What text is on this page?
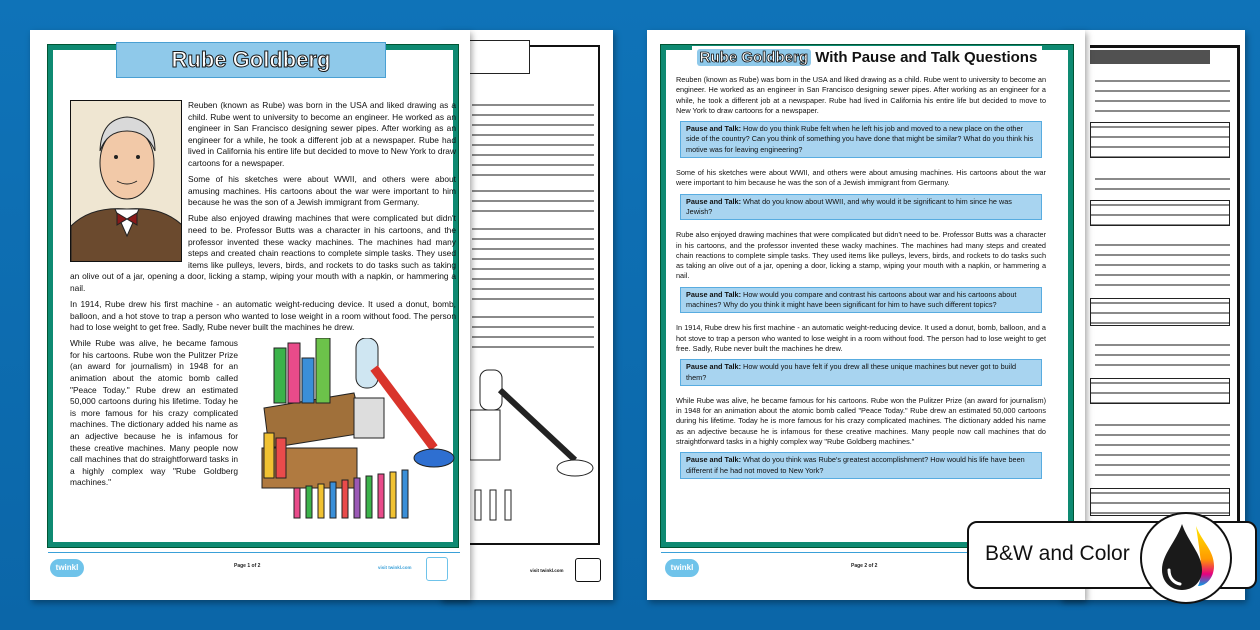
visit twinkl.com
Rube Goldberg

Reuben (known as Rube) was born in the USA and liked drawing as a child. Rube went to university to become an engineer. He worked as an engineer in San Francisco designing sewer pipes. After working as an engineer for a while, he took a different job at a newspaper. Rube had lived in California his entire life but decided to move to New York to draw cartoons for a newspaper.

Some of his sketches were about WWII, and others were about amusing machines. His cartoons about the war were important to him because he was the son of a Jewish immigrant from Germany.

Rube also enjoyed drawing machines that were complicated but didn't need to be. Professor Butts was a character in his cartoons, and the professor invented these wacky machines. The machines had many steps and created chain reactions to complete simple tasks. They used items like pulleys, levers, birds, and rockets to do tasks such as taking an olive out of a jar, opening a door, licking a stamp, wiping your mouth with a napkin, or hammering a nail.

In 1914, Rube drew his first machine - an automatic weight-reducing device. It used a donut, bomb, balloon, and a hot stove to trap a person who wanted to lose weight in a room without food. The person had to lose weight to get free. Sadly, Rube never built the machines he drew.

While Rube was alive, he became famous for his cartoons. Rube won the Pulitzer Prize (an award for journalism) in 1948 for an animation about the atomic bomb called "Peace Today." Rube drew an estimated 50,000 cartoons during his lifetime. Today he is more famous for his crazy complicated machines. The dictionary added his name as an adjective because he is infamous for these creative machines. Many people now call machines that do straightforward tasks in a highly complex way "Rube Goldberg machines."

twinkl	Page 1 of 2	visit twinkl.com
Rube Goldberg With Pause and Talk Questions

Reuben (known as Rube) was born in the USA and liked drawing as a child. Rube went to university to become an engineer. He worked as an engineer in San Francisco designing sewer pipes. After working as an engineer for a while, he took a different job at a newspaper. Rube had lived in California his entire life but decided to move to New York to draw cartoons for a newspaper.

Pause and Talk: How do you think Rube felt when he left his job and moved to a new place on the other side of the country? Can you think of something you have done that might be similar? What do you think his motive was for leaving engineering?

Some of his sketches were about WWII, and others were about amusing machines. His cartoons about the war were important to him because he was the son of a Jewish immigrant from Germany.

Pause and Talk: What do you know about WWII, and why would it be significant to him since he was Jewish?

Rube also enjoyed drawing machines that were complicated but didn't need to be. Professor Butts was a character in his cartoons, and the professor invented these wacky machines. The machines had many steps and created chain reactions to complete simple tasks. They used items like pulleys, levers, birds, and rockets to do tasks such as taking an olive out of a jar, opening a door, licking a stamp, wiping your mouth with a napkin, or hammering a nail.

Pause and Talk: How would you compare and contrast his cartoons about war and his cartoons about machines? Why do you think it might have been significant for him to have such different topics?

In 1914, Rube drew his first machine - an automatic weight-reducing device. It used a donut, bomb, balloon, and a hot stove to trap a person who wanted to lose weight in a room without food. The person had to lose weight to get free. Sadly, Rube never built the machines he drew.

Pause and Talk: How would you have felt if you drew all these unique machines but never got to build them?

While Rube was alive, he became famous for his cartoons. Rube won the Pulitzer Prize (an award for journalism) in 1948 for an animation about the atomic bomb called "Peace Today." Rube drew an estimated 50,000 cartoons during his lifetime. Today he is more famous for his crazy complicated machines. The dictionary added his name as an adjective because he is infamous for these creative machines. Many people now call machines that do straightforward tasks in a highly complex way "Rube Goldberg machines."

Pause and Talk: What do you think was Rube's greatest accomplishment? How would his life have been different if he had not moved to New York?
twinkl	Page 2 of 2
B&W and Color
